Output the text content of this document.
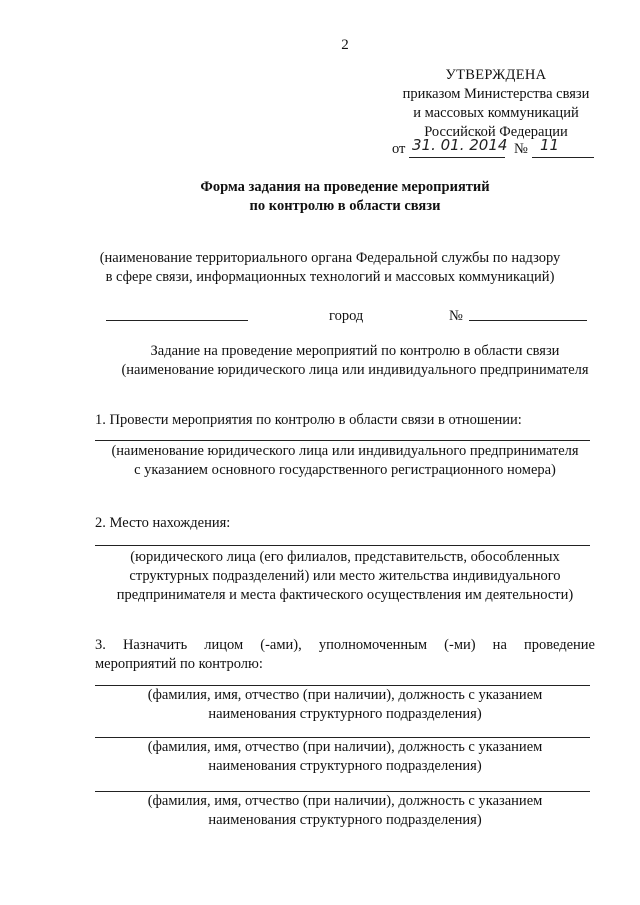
2
УТВЕРЖДЕНА
приказом Министерства связи
и массовых коммуникаций
Российской Федерации
от 31. 01. 2014 № 11
Форма задания на проведение мероприятий
по контролю в области связи
(наименование территориального органа Федеральной службы по надзору
в сфере связи, информационных технологий и массовых коммуникаций)
город	№
Задание на проведение мероприятий по контролю в области связи
(наименование юридического лица или индивидуального предпринимателя
1. Провести мероприятия по контролю в области связи в отношении:
(наименование юридического лица или индивидуального предпринимателя
с указанием основного государственного регистрационного номера)
2. Место нахождения:
(юридического лица (его филиалов, представительств, обособленных
структурных подразделений) или место жительства индивидуального
предпринимателя и места фактического осуществления им деятельности)
3. Назначить лицом (-ами), уполномоченным (-ми) на проведение
мероприятий по контролю:
(фамилия, имя, отчество (при наличии), должность с указанием
наименования структурного подразделения)
(фамилия, имя, отчество (при наличии), должность с указанием
наименования структурного подразделения)
(фамилия, имя, отчество (при наличии), должность с указанием
наименования структурного подразделения)
